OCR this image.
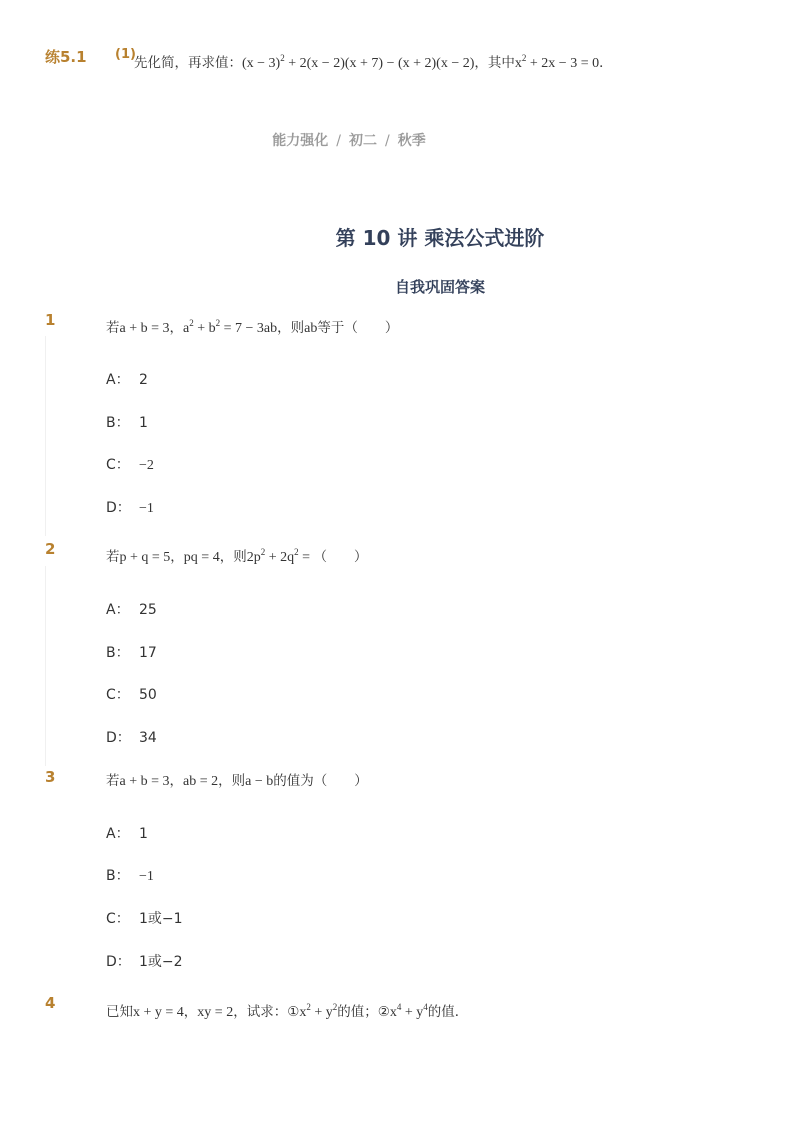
练5.1 (1)
先化简，再求值：$(x - 3)^2 + 2(x - 2)(x + 7) - (x + 2)(x - 2)$，其中$x^2 + 2x - 3 = 0$．
能力强化 / 初二 / 秋季
第 10 讲 乘法公式进阶
自我巩固答案
1	若a + b = 3，$a^2 + b^2 = 7 - 3ab$，则ab等于（　　）
A： 2
B： 1
C： −2
D： −1
2	若p + q = 5，pq = 4，则$2p^2 + 2q^2$ = （　　）
A： 25
B： 17
C： 50
D： 34
3	若a + b = 3，ab = 2，则a − b的值为（　　）
A： 1
B： −1
C： 1或−1
D： 1或−2
4	已知x + y = 4，xy = 2，试求：$①x^2 + y^2$的值；$②x^4 + y^4$的值．
